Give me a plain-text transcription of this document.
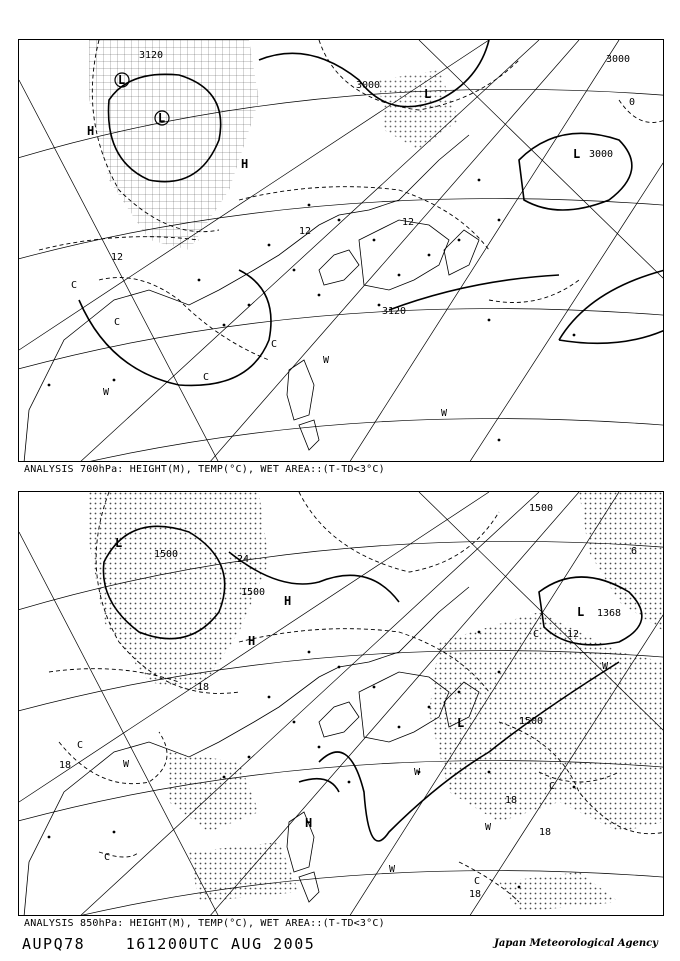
3000
3000
3000
3120
3120
12
12
12
0
L
L
L
L
H
H
C
C
C
C
W
W
W
ANALYSIS 700hPa: HEIGHT(M), TEMP(°C), WET AREA::(T-TD<3°C)
1500
1500
1500
1500
1368
24
18
18
18
18
18
12
6
L
L
H
H
H
L
C
C
C
C
C
W
W
W
W
W
ANALYSIS 850hPa: HEIGHT(M), TEMP(°C), WET AREA::(T-TD<3°C)
AUPQ78	161200UTC AUG 2005	Japan Meteorological Agency
